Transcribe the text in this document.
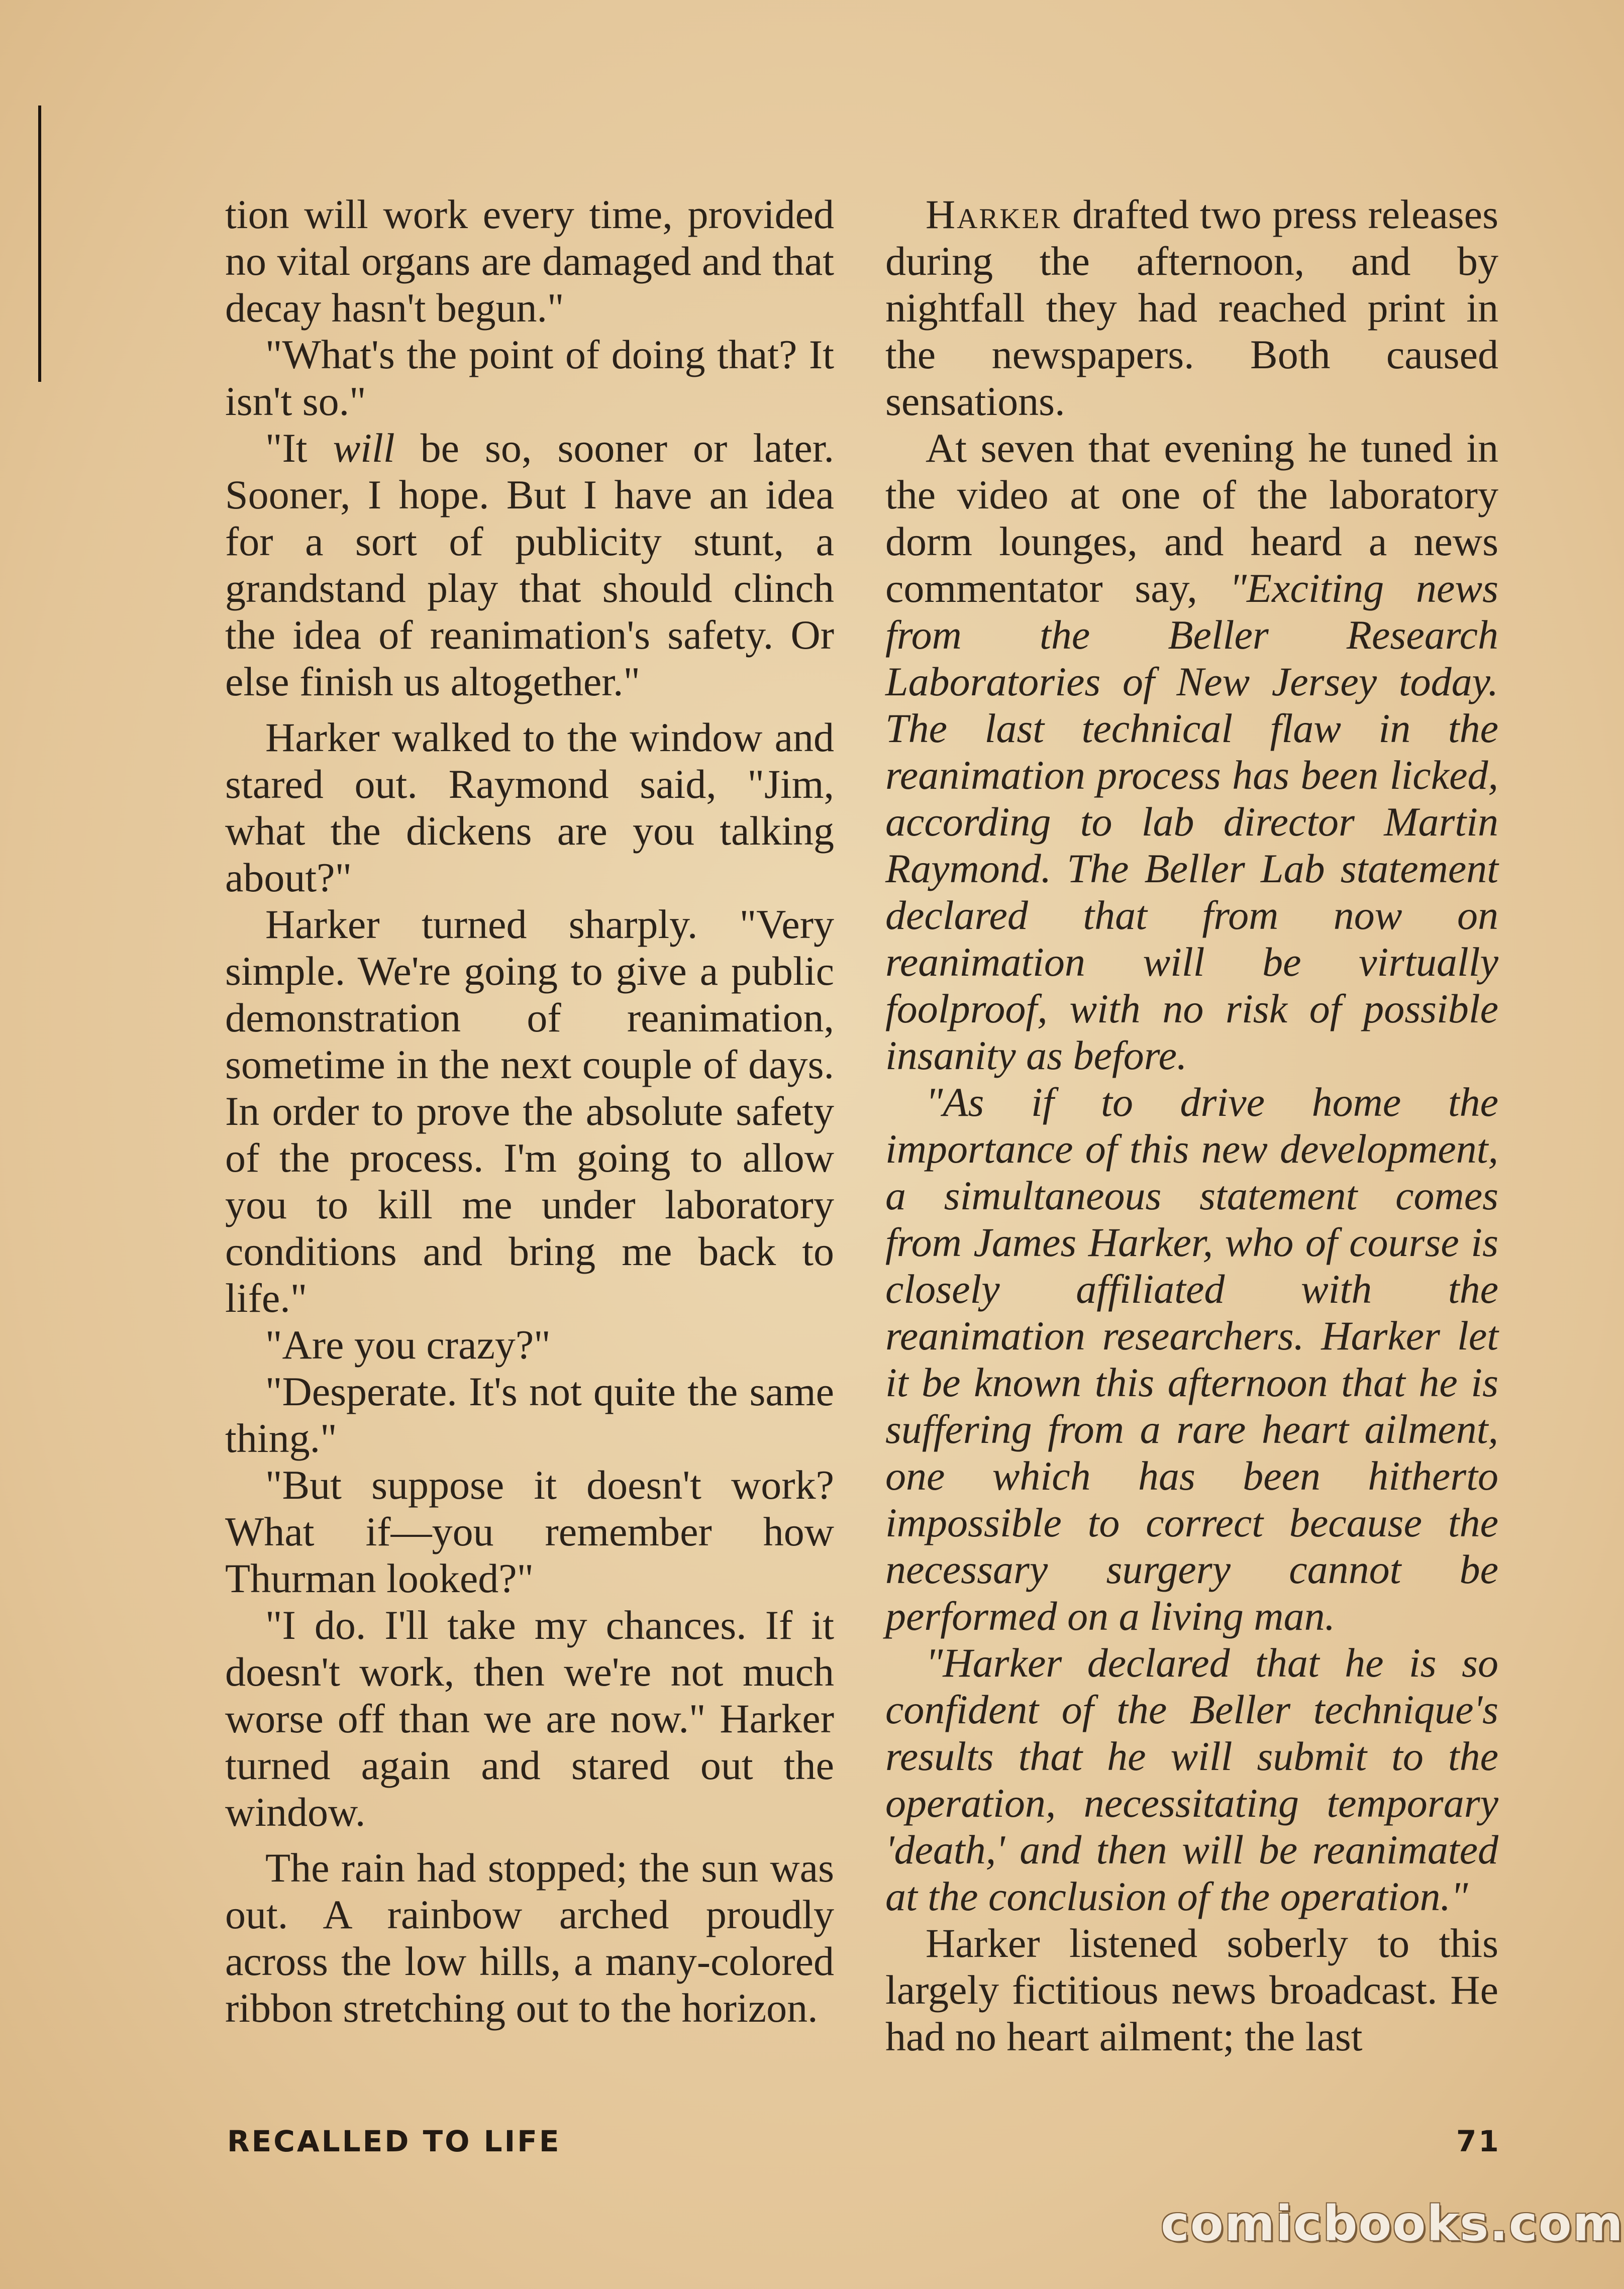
tion will work every time, provided no vital organs are damaged and that decay hasn't begun."

"What's the point of doing that? It isn't so."

"It will be so, sooner or later. Sooner, I hope. But I have an idea for a sort of publicity stunt, a grandstand play that should clinch the idea of reanimation's safety. Or else finish us altogether."

Harker walked to the window and stared out. Raymond said, "Jim, what the dickens are you talking about?"

Harker turned sharply. "Very simple. We're going to give a public demonstration of reanimation, sometime in the next couple of days. In order to prove the absolute safety of the process. I'm going to allow you to kill me under laboratory conditions and bring me back to life."

"Are you crazy?"

"Desperate. It's not quite the same thing."

"But suppose it doesn't work? What if—you remember how Thurman looked?"

"I do. I'll take my chances. If it doesn't work, then we're not much worse off than we are now." Harker turned again and stared out the window.

The rain had stopped; the sun was out. A rainbow arched proudly across the low hills, a many-colored ribbon stretching out to the horizon.

Harker drafted two press releases during the afternoon, and by nightfall they had reached print in the newspapers. Both caused sensations.

At seven that evening he tuned in the video at one of the laboratory dorm lounges, and heard a news commentator say, "Exciting news from the Beller Research Laboratories of New Jersey today. The last technical flaw in the reanimation process has been licked, according to lab director Martin Raymond. The Beller Lab statement declared that from now on reanimation will be virtually foolproof, with no risk of possible insanity as before.

"As if to drive home the importance of this new development, a simultaneous statement comes from James Harker, who of course is closely affiliated with the reanimation researchers. Harker let it be known this afternoon that he is suffering from a rare heart ailment, one which has been hitherto impossible to correct because the necessary surgery cannot be performed on a living man.

"Harker declared that he is so confident of the Beller technique's results that he will submit to the operation, necessitating temporary 'death,' and then will be reanimated at the conclusion of the operation."

Harker listened soberly to this largely fictitious news broadcast. He had no heart ailment; the last

RECALLED TO LIFE	71
comicbooks.com
